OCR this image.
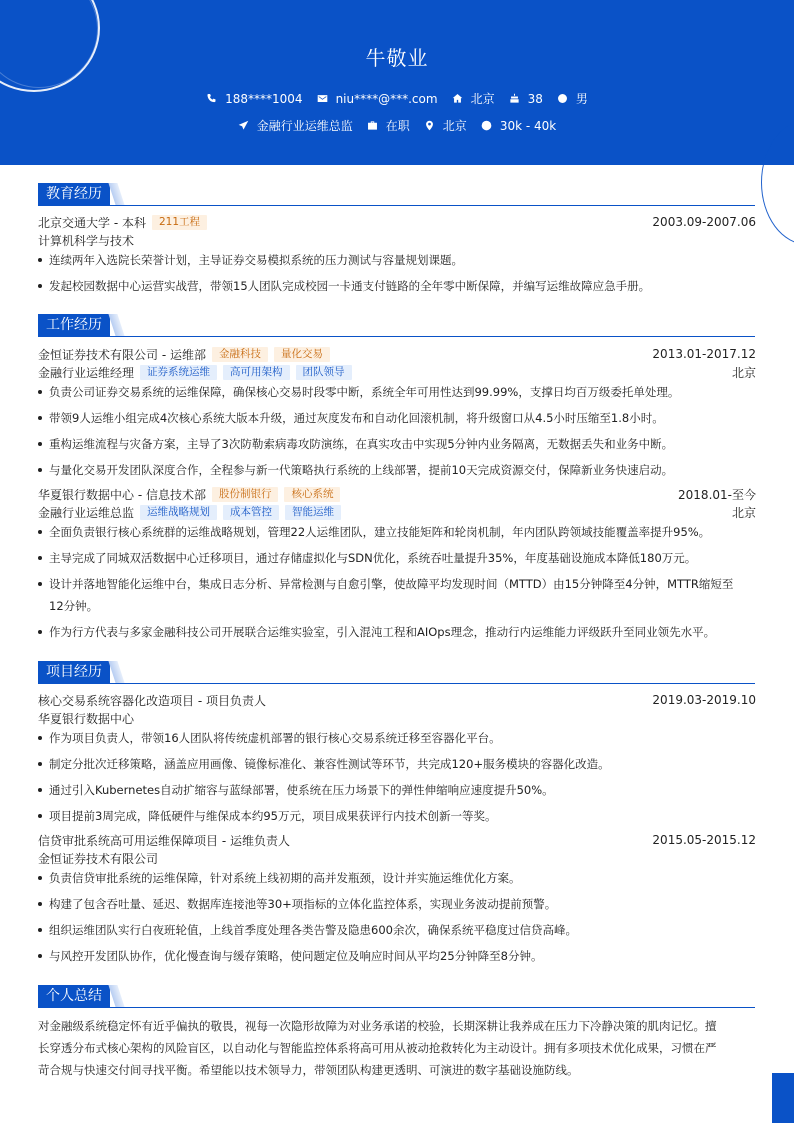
牛敬业
188****1004	niu****@***.com	北京	38	男
金融行业运维总监	在职	北京	30k - 40k
教育经历
北京交通大学 - 本科	211工程	2003.09-2007.06
计算机科学与技术
连续两年入选院长荣誉计划，主导证券交易模拟系统的压力测试与容量规划课题。
发起校园数据中心运营实战营，带领15人团队完成校园一卡通支付链路的全年零中断保障，并编写运维故障应急手册。
工作经历
金恒证券技术有限公司 - 运维部	金融科技	量化交易	2013.01-2017.12
金融行业运维经理	证券系统运维	高可用架构	团队领导	北京
负责公司证券交易系统的运维保障，确保核心交易时段零中断，系统全年可用性达到99.99%，支撑日均百万级委托单处理。
带领9人运维小组完成4次核心系统大版本升级，通过灰度发布和自动化回滚机制，将升级窗口从4.5小时压缩至1.8小时。
重构运维流程与灾备方案，主导了3次防勒索病毒攻防演练，在真实攻击中实现5分钟内业务隔离，无数据丢失和业务中断。
与量化交易开发团队深度合作，全程参与新一代策略执行系统的上线部署，提前10天完成资源交付，保障新业务快速启动。
华夏银行数据中心 - 信息技术部	股份制银行	核心系统	2018.01-至今
金融行业运维总监	运维战略规划	成本管控	智能运维	北京
全面负责银行核心系统群的运维战略规划，管理22人运维团队，建立技能矩阵和轮岗机制，年内团队跨领域技能覆盖率提升95%。
主导完成了同城双活数据中心迁移项目，通过存储虚拟化与SDN优化，系统吞吐量提升35%，年度基础设施成本降低180万元。
设计并落地智能化运维中台，集成日志分析、异常检测与自愈引擎，使故障平均发现时间（MTTD）由15分钟降至4分钟，MTTR缩短至
12分钟。
作为行方代表与多家金融科技公司开展联合运维实验室，引入混沌工程和AIOps理念，推动行内运维能力评级跃升至同业领先水平。
项目经历
核心交易系统容器化改造项目 - 项目负责人	2019.03-2019.10
华夏银行数据中心
作为项目负责人，带领16人团队将传统虚机部署的银行核心交易系统迁移至容器化平台。
制定分批次迁移策略，涵盖应用画像、镜像标准化、兼容性测试等环节，共完成120+服务模块的容器化改造。
通过引入Kubernetes自动扩缩容与蓝绿部署，使系统在压力场景下的弹性伸缩响应速度提升50%。
项目提前3周完成，降低硬件与维保成本约95万元，项目成果获评行内技术创新一等奖。
信贷审批系统高可用运维保障项目 - 运维负责人	2015.05-2015.12
金恒证券技术有限公司
负责信贷审批系统的运维保障，针对系统上线初期的高并发瓶颈，设计并实施运维优化方案。
构建了包含吞吐量、延迟、数据库连接池等30+项指标的立体化监控体系，实现业务波动提前预警。
组织运维团队实行白夜班轮值，上线首季度处理各类告警及隐患600余次，确保系统平稳度过信贷高峰。
与风控开发团队协作，优化慢查询与缓存策略，使问题定位及响应时间从平均25分钟降至8分钟。
个人总结
对金融级系统稳定怀有近乎偏执的敬畏，视每一次隐形故障为对业务承诺的校验，长期深耕让我养成在压力下冷静决策的肌肉记忆。擅
长穿透分布式核心架构的风险盲区，以自动化与智能监控体系将高可用从被动抢救转化为主动设计。拥有多项技术优化成果，习惯在严
苛合规与快速交付间寻找平衡。希望能以技术领导力，带领团队构建更透明、可演进的数字基础设施防线。
